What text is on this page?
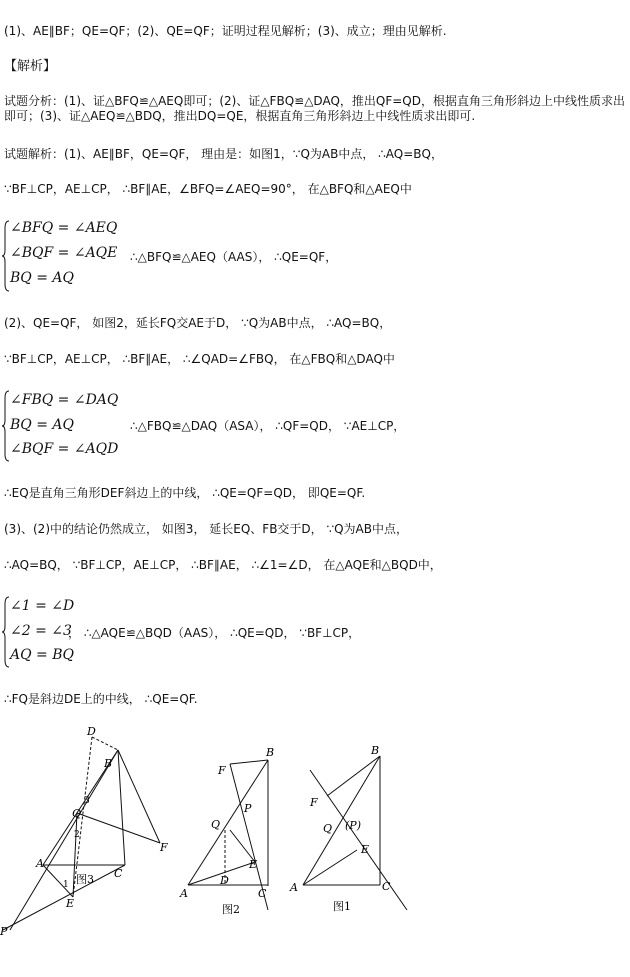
(1)、AE∥BF；QE=QF；(2)、QE=QF；证明过程见解析；(3)、成立；理由见解析.
【解析】
试题分析：(1)、证△BFQ≌△AEQ即可；(2)、证△FBQ≌△DAQ，推出QF=QD，根据直角三角形斜边上中线性质求出即可；(3)、证△AEQ≌△BDQ，推出DQ=QE，根据直角三角形斜边上中线性质求出即可.
试题解析：(1)、AE∥BF，QE=QF， 理由是：如图1，∵Q为AB中点， ∴AQ=BQ，
∵BF⊥CP，AE⊥CP， ∴BF∥AE，∠BFQ=∠AEQ=90°， 在△BFQ和△AEQ中
∠BFQ = ∠AEQ
∠BQF = ∠AQE
BQ = AQ
∴△BFQ≌△AEQ（AAS）， ∴QE=QF，
(2)、QE=QF， 如图2，延长FQ交AE于D， ∵Q为AB中点， ∴AQ=BQ，
∵BF⊥CP，AE⊥CP， ∴BF∥AE， ∴∠QAD=∠FBQ， 在△FBQ和△DAQ中
∠FBQ = ∠DAQ
BQ = AQ
∠BQF = ∠AQD
∴△FBQ≌△DAQ（ASA）， ∴QF=QD， ∵AE⊥CP，
∴EQ是直角三角形DEF斜边上的中线， ∴QE=QF=QD， 即QE=QF.
(3)、(2)中的结论仍然成立， 如图3， 延长EQ、FB交于D， ∵Q为AB中点，
∴AQ=BQ， ∵BF⊥CP，AE⊥CP， ∴BF∥AE， ∴∠1=∠D， 在△AQE和△BQD中，
∠1 = ∠D
∠2 = ∠3
AQ = BQ
， ∴△AQE≌△BQD（AAS）， ∴QE=QD， ∵BF⊥CP，
∴FQ是斜边DE上的中线， ∴QE=QF.
D
B
3
Q
2
F
A
C
1 图3
E
P
B
F
P
Q
E
D
A	C
图2
B
F
Q (P)
E
A	C
图1
